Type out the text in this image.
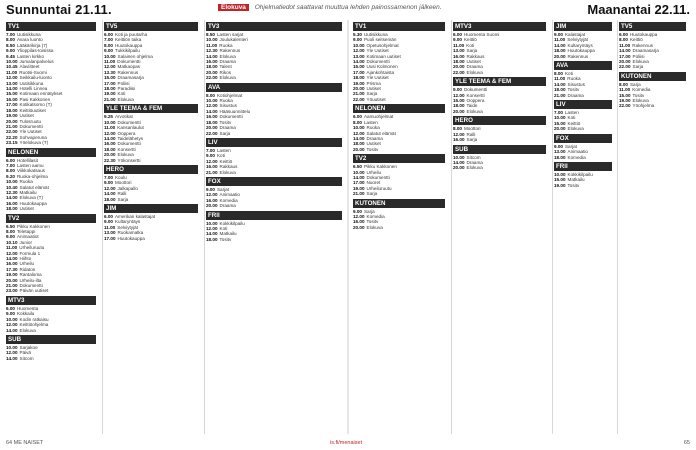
Sunnuntai 21.11.	Elokuva Ohjelmatiedot saattavat muuttua lehden painossamenon jälkeen.	Maanantai 22.11.
TV1
7.00 Uutisikkuna
8.00 Avara luonto
8.50 Lääkärikirja (7)
9.00 Ylioppilas-toisissa
9.45 Lasten kirkko
10.00 Jumalanpalvelus
10.45 Alaviitteet
11.00 Ruotsi-Suomi
12.00 Seikkailu-luonto
13.00 Uutisikkuna
14.00 Hotelli Linnea
15.00 Kotimaan ennätykset
16.00 Pasi Kakkonen
17.00 Kotikatsomo (T)
18.00 Keittiöuutiset
19.00 Uutiset
20.00 Tulosruutu
21.00 Dokumentti
22.00 Yle Uutiset
22.20 Sohvaperuna
23.15 Yöelokuva (T)
NELONEN
6.00 Hotellilasit
7.00 Lasten aamu
8.00 Viikkokatsaus
9.20 Ruoka-ohjelma
10.00 Ruoka
10.40 Salatut elämät
12.30 Matkailu
14.00 Elokuva (T)
16.00 Huutokauppa
18.00 Uutiset
TV2
6.50 Pikku Kakkonen
8.00 Teletappi
9.00 Animaatiot
10.10 Junior
11.00 Urheiluruutu
12.00 Formula 1
14.00 Hiihto
16.00 Urheilu
17.30 Ridaton
19.00 Rantaloma
20.00 Urheilu-ilta
21.00 Dokumentti
23.00 Päivän uutiset
MTV3
6.00 Huomenta
9.00 Kokkailu
10.00 Kodin ratkaisu
12.00 Keittiöohjelma
14.00 Elokuva
SUB
10.00 Sarjakoe
12.00 Päivä
14.00 Sitcom
TV5
6.00 Koti ja puutarha
7.00 Keittiön taika
8.00 Huutokauppa
9.00 Tukkikilpailu
10.00 Salainen ohjelma
11.00 Dokumentti
12.00 Matkaopas
13.30 Rakennus
15.00 Draamasarja
17.00 Poliisi
18.00 Paradiisi
19.00 Koti
21.00 Elokuva
YLE TEEMA & FEM
9.25 Arvotikat
10.00 Dokumentti
11.00 Kansanlaulut
12.00 Ooppera
14.00 Taidelähetys
16.00 Dokumentti
18.00 Konsertti
20.00 Elokuva
22.30 Yökonsertti
HERO
7.00 Koulu
9.00 Moottori
12.00 Jalkapallo
14.00 Ralli
18.00 Sarja
JIM
6.00 Amerikan kalastajat
9.00 Kultaryntäys
11.00 Selviytyjät
13.00 Ruokamatka
17.00 Huutokauppa
TV3
8.50 Lasten sarjat
10.00 Joulukalenteri
11.00 Ruoka
12.30 Rakennus
14.00 Elokuva
16.00 Draama
18.00 Talent
20.00 Rikos
22.00 Elokuva
AVA
8.00 Kotiohjelmat
10.00 Ruoka
12.00 Sisustus
14.00 Hääsuunnittelu
16.00 Dokumentti
18.00 Tositv
20.00 Draama
22.00 Sarja
LIV
7.00 Lasten
9.00 Koti
12.00 Keittiö
16.00 Rakkaus
21.00 Elokuva
FOX
9.00 Sarjat
12.00 Animaatio
16.00 Komedia
20.00 Draama
FRII
10.00 Kokkikilpailu
12.00 Koti
14.00 Matkailu
18.00 Tositv
TV1
5.30 Uutisikkuna
9.00 Puoli seitsemän
10.00 Opetusohjelmat
12.00 Yle Uutiset
13.00 Kotimaan uutiset
14.00 Dokumentti
15.00 Uusi Kolmonen
17.00 Ajankohtaista
18.00 Yle Uutiset
19.00 Prisma
20.00 Uutiset
21.00 Sarja
22.00 Yöuutiset
NELONEN
6.00 Aamuohjelmat
8.00 Lasten
10.00 Ruoka
12.00 Salatut elämät
14.00 Draama
18.00 Uutiset
20.00 Tositv
TV2
6.50 Pikku Kakkonen
10.00 Urheilu
14.00 Dokumentti
17.00 Nuoret
19.00 Urheiluruutu
21.00 Sarja
KUTONEN
9.00 Sarja
12.00 Komedia
16.00 Tositv
20.00 Elokuva
MTV3
6.00 Huomenta Suomi
9.00 Keittiö
11.00 Koti
13.00 Sarja
16.00 Rakkaus
18.00 Uutiset
20.00 Draama
22.00 Elokuva
YLE TEEMA & FEM
9.00 Dokumentti
12.00 Konsertti
15.00 Ooppera
18.00 Taide
20.00 Elokuva
HERO
8.00 Moottori
12.00 Ralli
16.00 Sarja
SUB
10.00 Sitcom
14.00 Draama
20.00 Elokuva
JIM
9.00 Kalastajat
11.00 Selviytyjät
14.00 Kultaryntäys
18.00 Huutokauppa
20.00 Rakennus
AVA
8.00 Koti
11.00 Ruoka
14.00 Sisustus
18.00 Tositv
21.00 Draama
LIV
7.00 Lasten
10.00 Koti
15.00 Keittiö
20.00 Elokuva
FOX
9.00 Sarjat
13.00 Animaatio
18.00 Komedia
FRII
10.00 Kokkikilpailu
15.00 Matkailu
19.00 Tositv
TV5
6.00 Huutokauppa
8.00 Keittiö
11.00 Rakennus
14.00 Draamasarja
17.00 Poliisi
20.00 Elokuva
22.00 Sarja
KUTONEN
8.00 Sarja
11.00 Komedia
15.00 Tositv
19.00 Elokuva
22.00 Yöohjelma
64 ME NAISET	is.fi/menaiset	65
